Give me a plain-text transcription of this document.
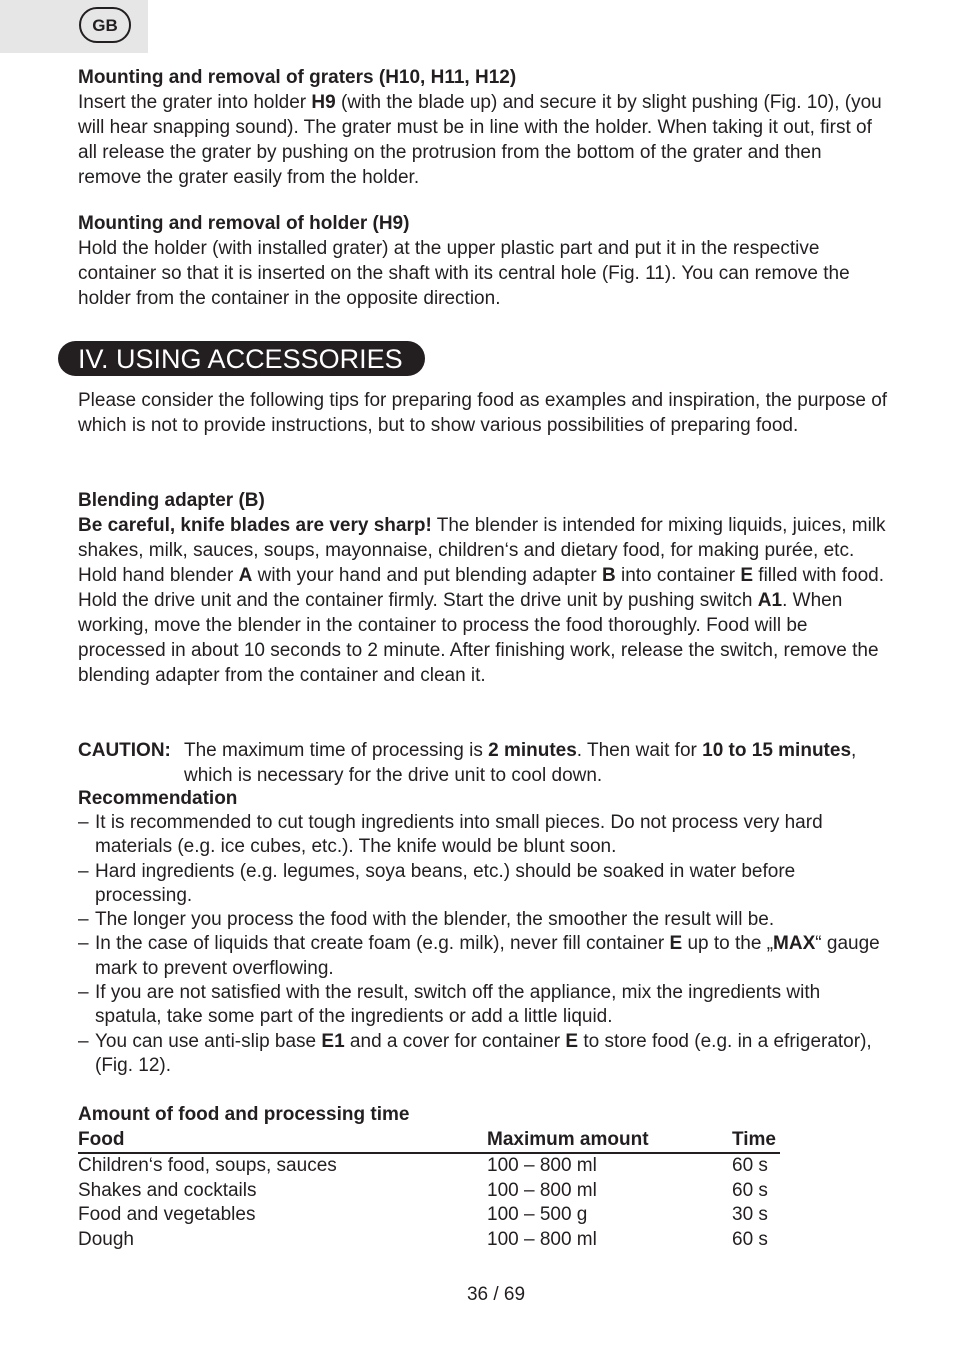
GB

Mounting and removal of graters (H10, H11, H12)

Insert the grater into holder H9 (with the blade up) and secure it by slight pushing (Fig. 10), (you will hear snapping sound). The grater must be in line with the holder. When taking it out, first of all release the grater by pushing on the protrusion from the bottom of the grater and then remove the grater easily from the holder.

Mounting and removal of holder (H9)

Hold the holder (with installed grater) at the upper plastic part and put it in the respective container so that it is inserted on the shaft with its central hole (Fig. 11). You can remove the holder from the container in the opposite direction.

IV. USING ACCESSORIES

Please consider the following tips for preparing food as examples and inspiration, the purpose of which is not to provide instructions, but to show various possibilities of preparing food.

Blending adapter (B)

Be careful, knife blades are very sharp! The blender is intended for mixing liquids, juices, milk shakes, milk, sauces, soups, mayonnaise, children‘s and dietary food, for making purée, etc. Hold hand blender A with your hand and put blending adapter B into container E filled with food. Hold the drive unit and the container firmly. Start the drive unit by pushing switch A1. When working, move the blender in the container to process the food thoroughly. Food will be processed in about 10 seconds to 2 minute. After finishing work, release the switch, remove the blending adapter from the container and clean it.

CAUTION: The maximum time of processing is 2 minutes. Then wait for 10 to 15 minutes, which is necessary for the drive unit to cool down.

Recommendation

– It is recommended to cut tough ingredients into small pieces. Do not process very hard materials (e.g. ice cubes, etc.). The knife would be blunt soon.
– Hard ingredients (e.g. legumes, soya beans, etc.) should be soaked in water before processing.
– The longer you process the food with the blender, the smoother the result will be.
– In the case of liquids that create foam (e.g. milk), never fill container E up to the „MAX“ gauge mark to prevent overflowing.
– If you are not satisfied with the result, switch off the appliance, mix the ingredients with spatula, take some part of the ingredients or add a little liquid.
– You can use anti-slip base E1 and a cover for container E to store food (e.g. in a efrigerator), (Fig. 12).

Amount of food and processing time

Food	Maximum amount	Time
Children‘s food, soups, sauces	100 – 800 ml	60 s
Shakes and cocktails	100 – 800 ml	60 s
Food and vegetables	100 – 500 g	30 s
Dough	100 – 800 ml	60 s
36 / 69
